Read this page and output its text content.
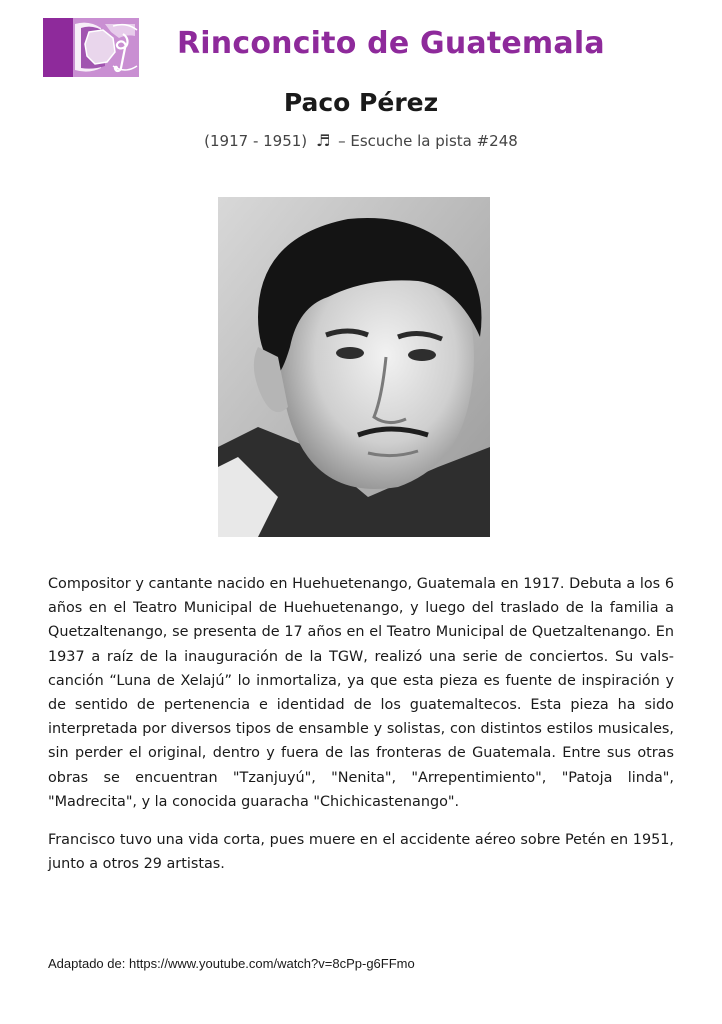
Rinconcito de Guatemala
Paco Pérez
(1917 - 1951) ♬ – Escuche la pista #248

Compositor y cantante nacido en Huehuetenango, Guatemala en 1917. Debuta a los 6 años en el Teatro Municipal de Huehuetenango, y luego del traslado de la familia a Quetzaltenango, se presenta de 17 años en el Teatro Municipal de Quetzaltenango. En 1937 a raíz de la inauguración de la TGW, realizó una serie de conciertos. Su vals-canción “Luna de Xelajú” lo inmortaliza, ya que esta pieza es fuente de inspiración y de sentido de pertenencia e identidad de los guatemaltecos. Esta pieza ha sido interpretada por diversos tipos de ensamble y solistas, con distintos estilos musicales, sin perder el original, dentro y fuera de las fronteras de Guatemala. Entre sus otras obras se encuentran "Tzanjuyú", "Nenita", "Arrepentimiento", "Patoja linda", "Madrecita", y la conocida guaracha "Chichicastenango".

Francisco tuvo una vida corta, pues muere en el accidente aéreo sobre Petén en 1951, junto a otros 29 artistas.

Adaptado de: https://www.youtube.com/watch?v=8cPp-g6FFmo
